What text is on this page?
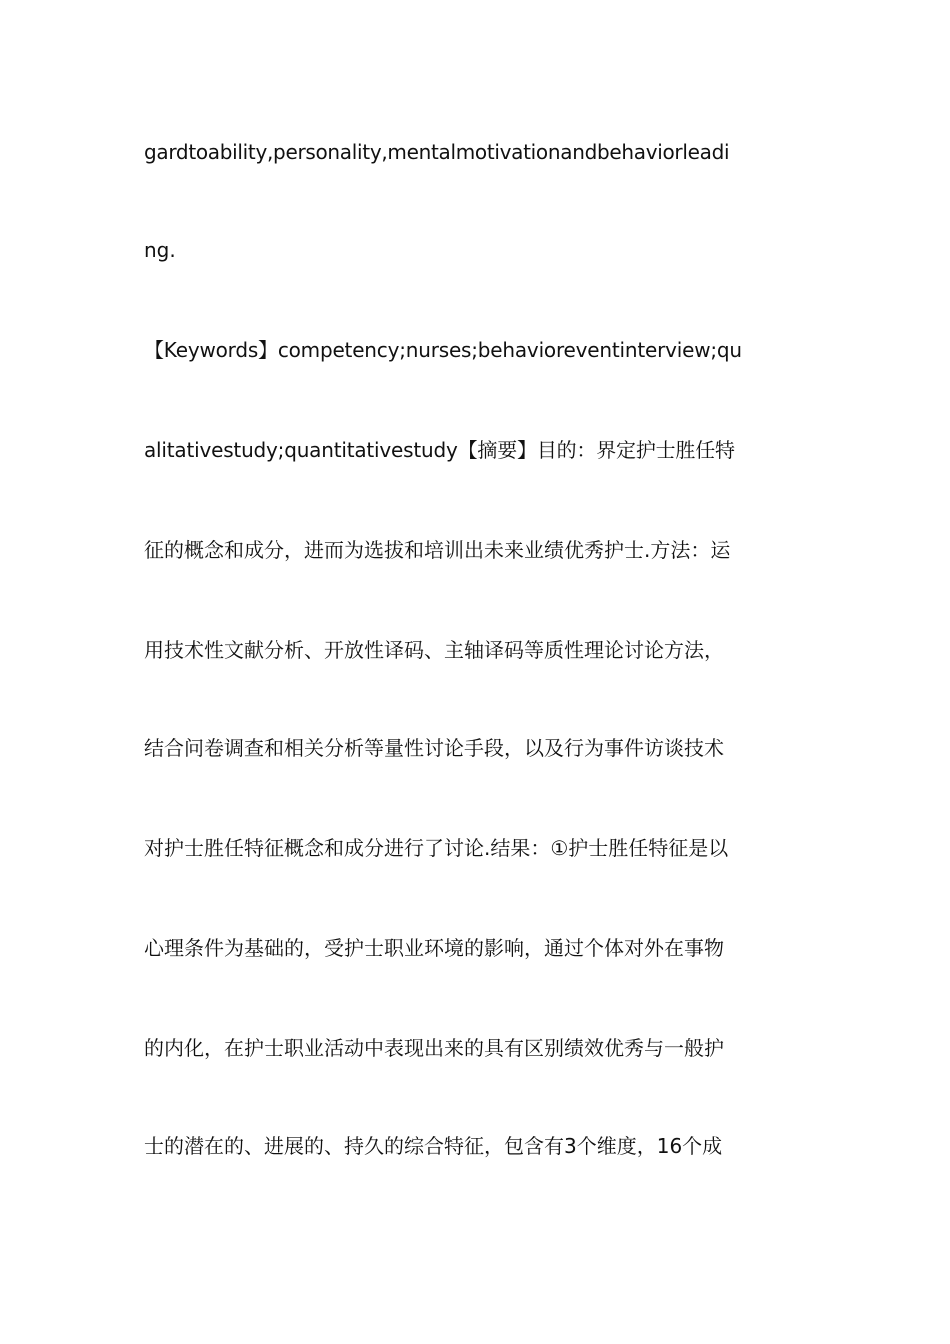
gardtoability,personality,mentalmotivationandbehaviorleadi
ng.
【Keywords】competency;nurses;behavioreventinterview;qu
alitativestudy;quantitativestudy【摘要】目的：界定护士胜任特
征的概念和成分，进而为选拔和培训出未来业绩优秀护士.方法：运
用技术性文献分析、开放性译码、主轴译码等质性理论讨论方法，
结合问卷调查和相关分析等量性讨论手段，以及行为事件访谈技术
对护士胜任特征概念和成分进行了讨论.结果：①护士胜任特征是以
心理条件为基础的，受护士职业环境的影响，通过个体对外在事物
的内化，在护士职业活动中表现出来的具有区别绩效优秀与一般护
士的潜在的、进展的、持久的综合特征，包含有3个维度，16个成
